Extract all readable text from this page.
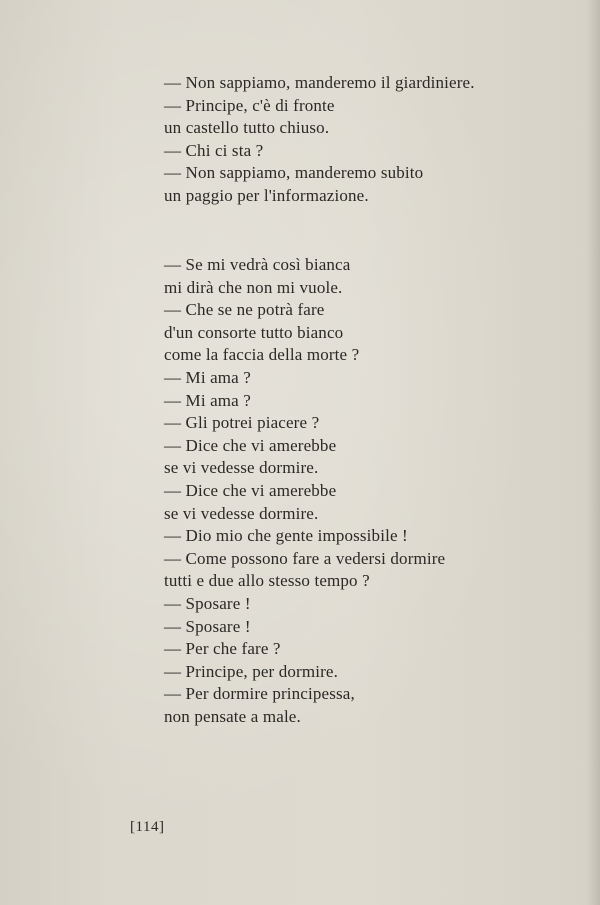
— Non sappiamo, manderemo il giardiniere.
— Principe, c'è di fronte
un castello tutto chiuso.
— Chi ci sta ?
— Non sappiamo, manderemo subito
un paggio per l'informazione.
— Se mi vedrà così bianca
mi dirà che non mi vuole.
— Che se ne potrà fare
d'un consorte tutto bianco
come la faccia della morte ?
— Mi ama ?
— Mi ama ?
— Gli potrei piacere ?
— Dice che vi amerebbe
se vi vedesse dormire.
— Dice che vi amerebbe
se vi vedesse dormire.
— Dio mio che gente impossibile !
— Come possono fare a vedersi dormire
tutti e due allo stesso tempo ?
— Sposare !
— Sposare !
— Per che fare ?
— Principe, per dormire.
— Per dormire principessa,
non pensate a male.
[114]
